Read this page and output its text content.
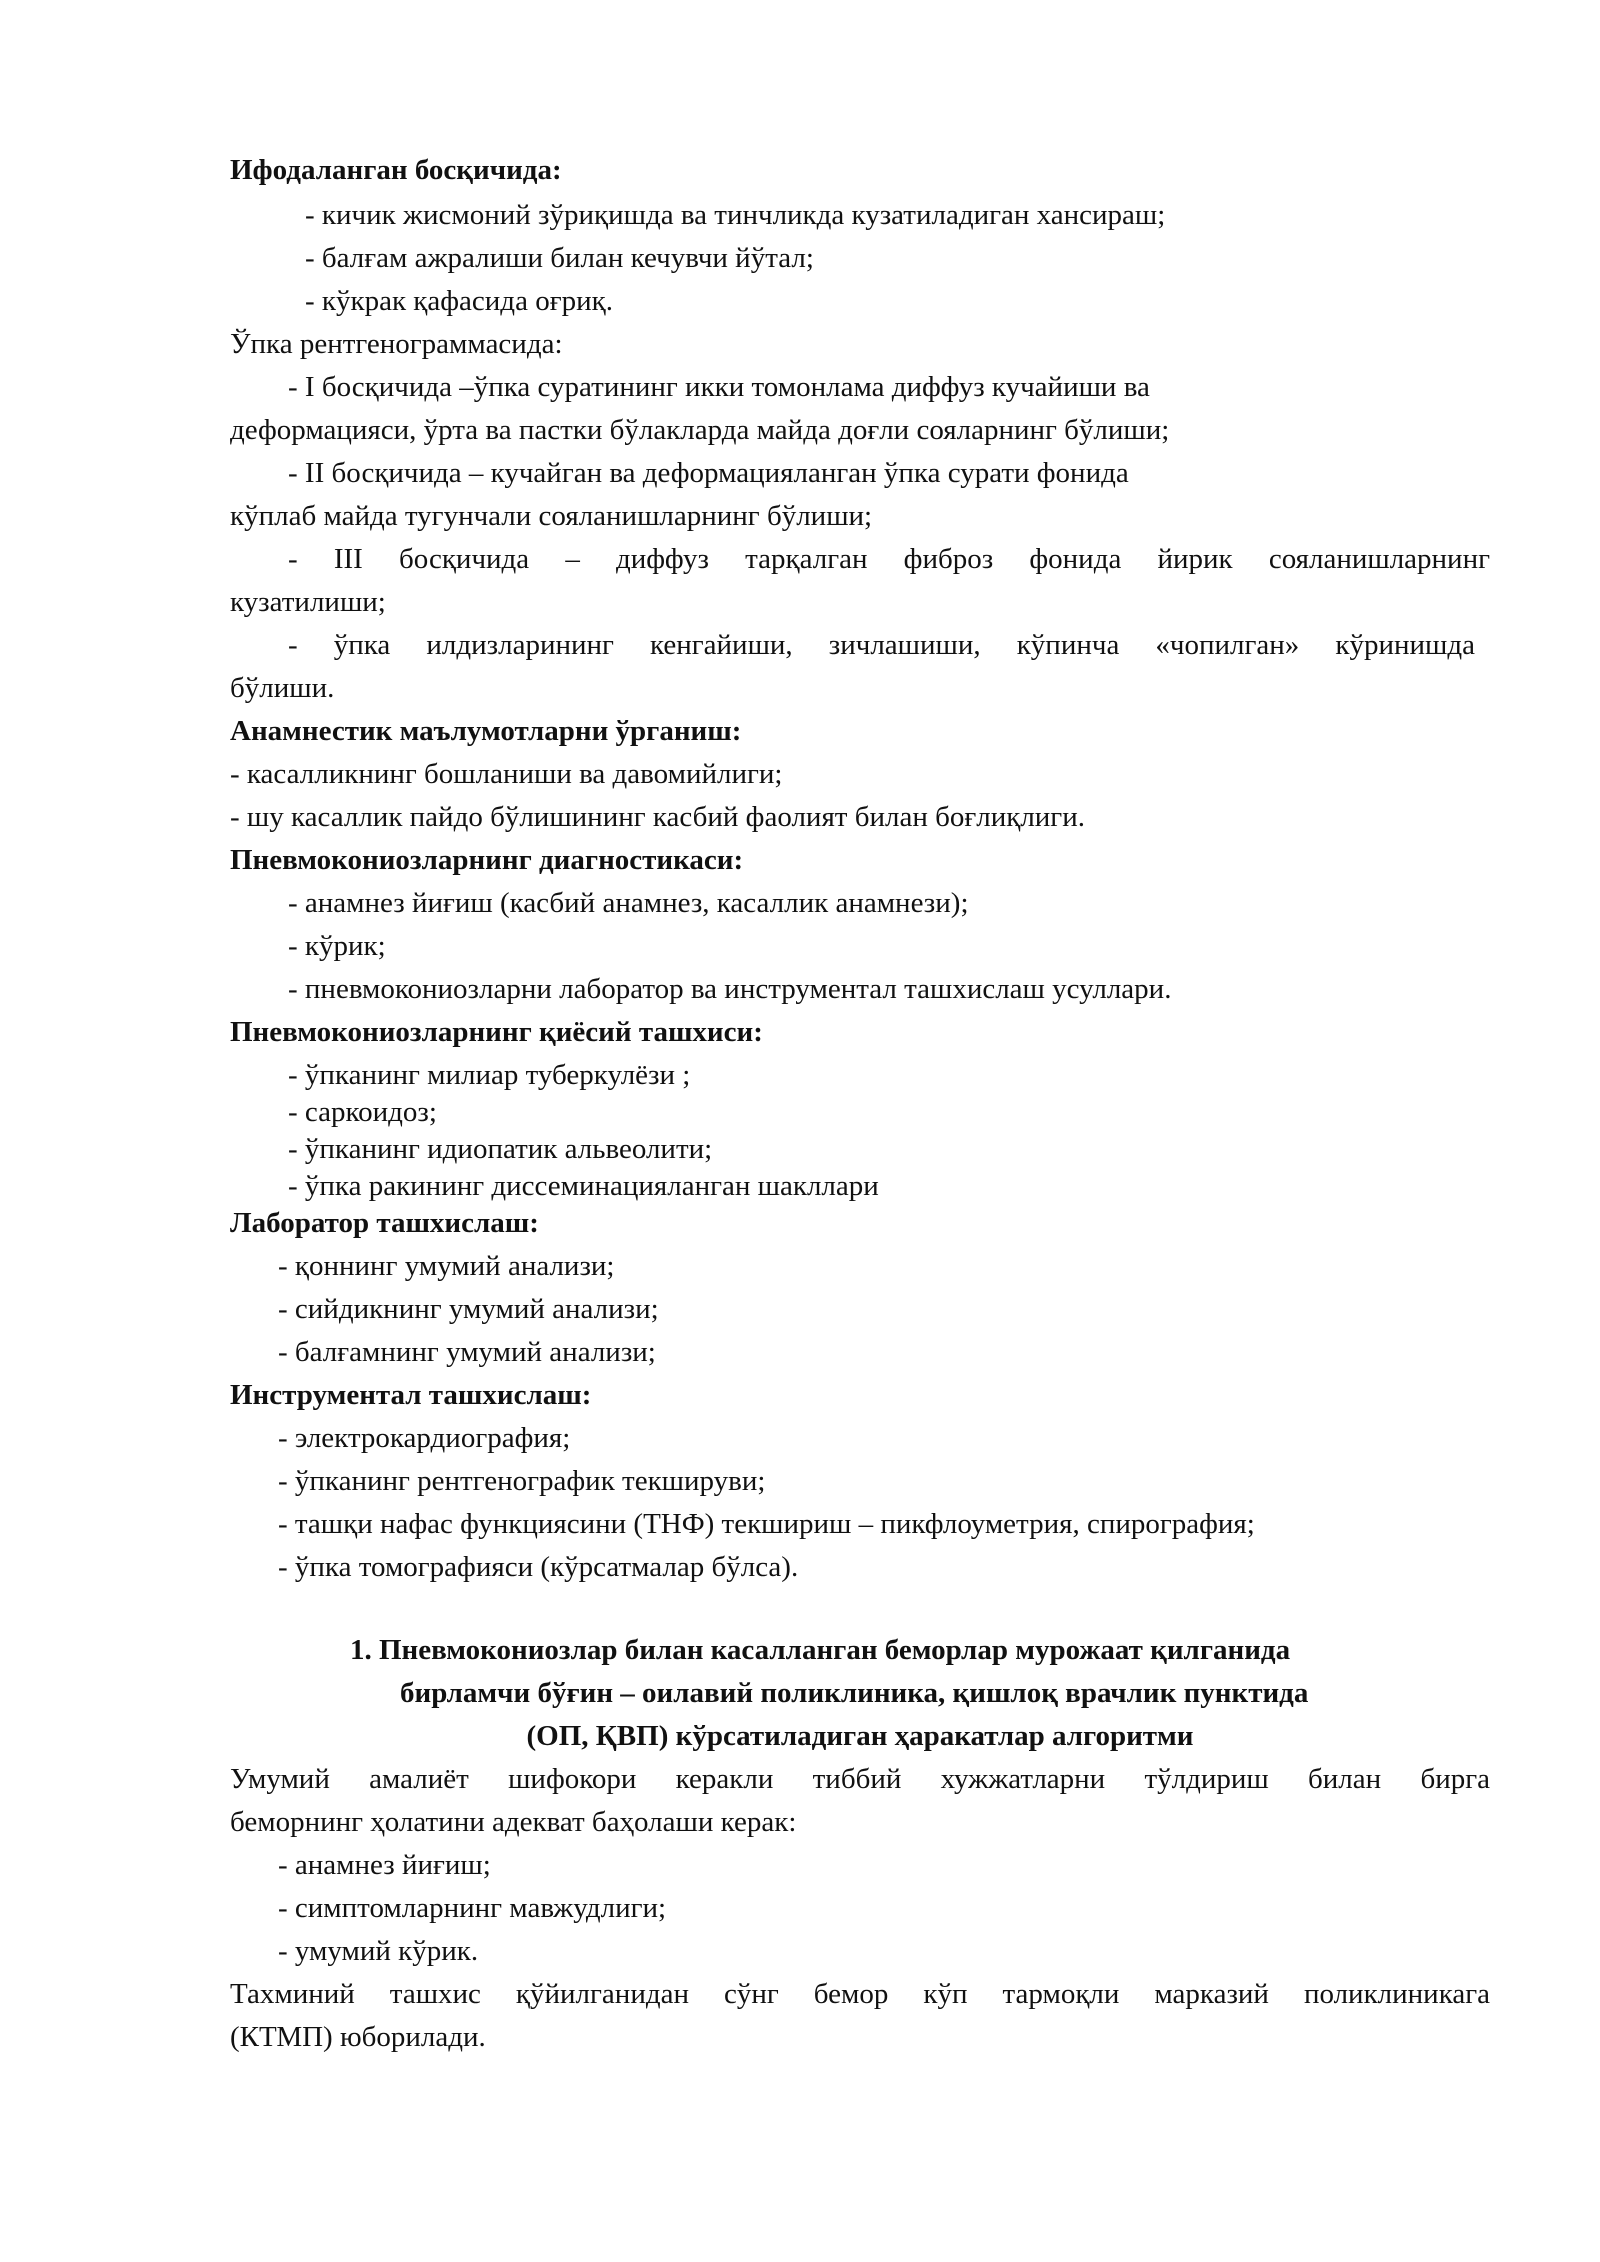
Ифодаланган босқичида:
- кичик жисмоний зўриқишда ва тинчликда кузатиладиган хансираш;
- балғам ажралиши билан кечувчи йўтал;
- кўкрак қафасида оғриқ.
Ўпка рентгенограммасида:
- I босқичида –ўпка суратининг икки томонлама диффуз кучайиши ва
деформацияси, ўрта ва пастки бўлакларда майда доғли сояларнинг бўлиши;
- II босқичида – кучайган ва деформацияланган ўпка сурати фонида
кўплаб майда тугунчали сояланишларнинг бўлиши;
- III босқичида – диффуз тарқалган фиброз фонида йирик сояланишларнинг
кузатилиши;
- ўпка илдизларининг кенгайиши, зичлашиши, кўпинча «чопилган» кўринишда
бўлиши.
Анамнестик маълумотларни ўрганиш:
- касалликнинг бошланиши ва давомийлиги;
- шу касаллик пайдо бўлишининг касбий фаолият билан боғлиқлиги.
Пневмокониозларнинг диагностикаси:
- анамнез йиғиш (касбий анамнез, касаллик анамнези);
- кўрик;
- пневмокониозларни лаборатор ва инструментал ташхислаш усуллари.
Пневмокониозларнинг қиёсий ташхиси:
- ўпканинг милиар туберкулёзи ;
- саркоидоз;
- ўпканинг идиопатик альвеолити;
- ўпка ракининг диссеминацияланган шакллари
Лаборатор ташхислаш:
- қоннинг умумий анализи;
- сийдикнинг умумий анализи;
- балғамнинг умумий анализи;
Инструментал ташхислаш:
- электрокардиография;
- ўпканинг рентгенографик текшируви;
- ташқи нафас функциясини (ТНФ) текшириш – пикфлоуметрия, спирография;
- ўпка томографияси (кўрсатмалар бўлса).
1. Пневмокониозлар билан касалланган беморлар мурожаат қилганида
бирламчи бўғин – оилавий поликлиника, қишлоқ врачлик пунктида
(ОП, ҚВП) кўрсатиладиган ҳаракатлар алгоритми
Умумий амалиёт шифокори керакли тиббий хужжатларни тўлдириш билан бирга
беморнинг ҳолатини адекват баҳолаши керак:
- анамнез йиғиш;
- симптомларнинг мавжудлиги;
- умумий кўрик.
Тахминий ташхис қўйилганидан сўнг бемор кўп тармоқли марказий поликлиникага
(КТМП) юборилади.
